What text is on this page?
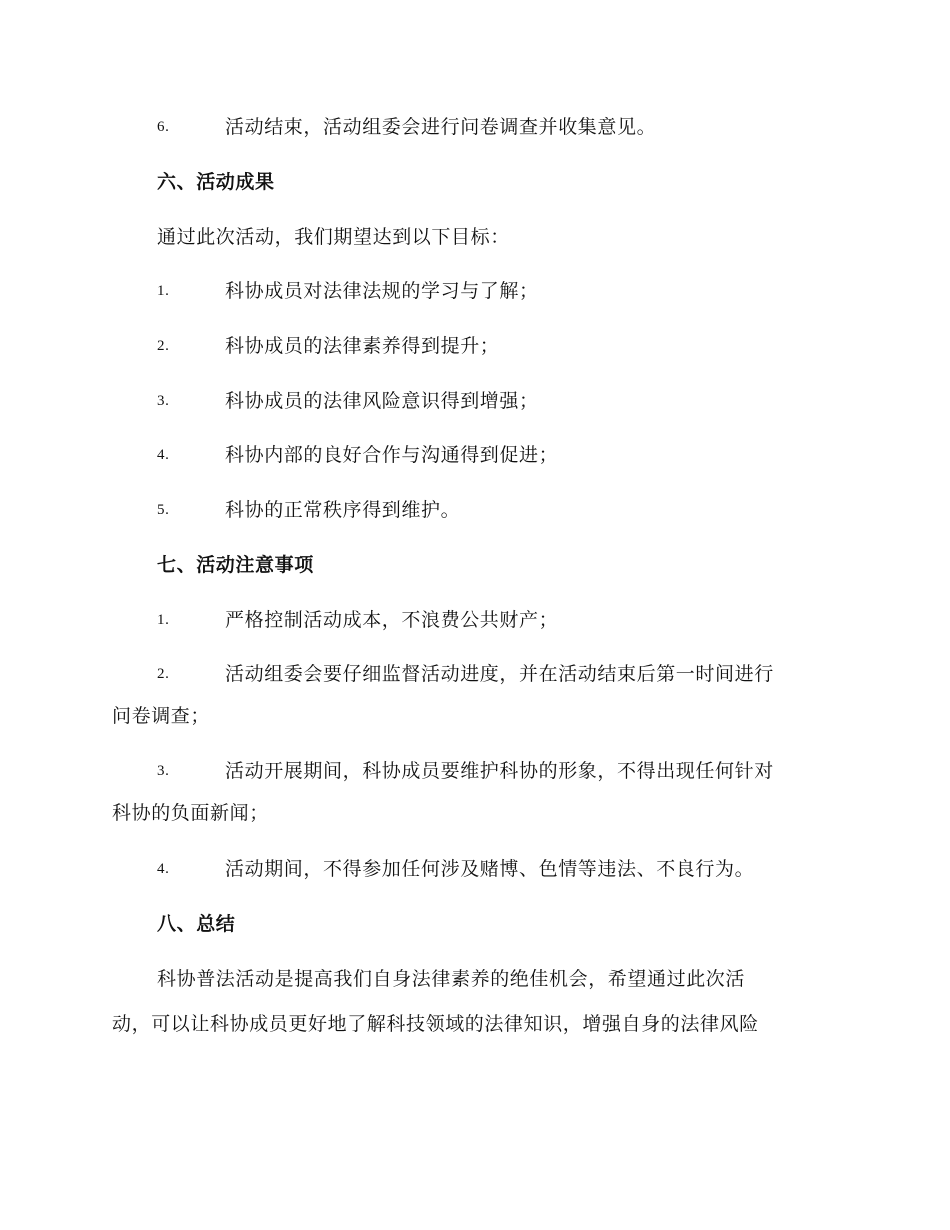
6.	活动结束，活动组委会进行问卷调查并收集意见。
六、活动成果
通过此次活动，我们期望达到以下目标：
1.	科协成员对法律法规的学习与了解；
2.	科协成员的法律素养得到提升；
3.	科协成员的法律风险意识得到增强；
4.	科协内部的良好合作与沟通得到促进；
5.	科协的正常秩序得到维护。
七、活动注意事项
1.	严格控制活动成本，不浪费公共财产；
2.	活动组委会要仔细监督活动进度，并在活动结束后第一时间进行
问卷调查；
3.	活动开展期间，科协成员要维护科协的形象，不得出现任何针对
科协的负面新闻；
4.	活动期间，不得参加任何涉及赌博、色情等违法、不良行为。
八、总结
科协普法活动是提高我们自身法律素养的绝佳机会，希望通过此次活
动，可以让科协成员更好地了解科技领域的法律知识，增强自身的法律风险
